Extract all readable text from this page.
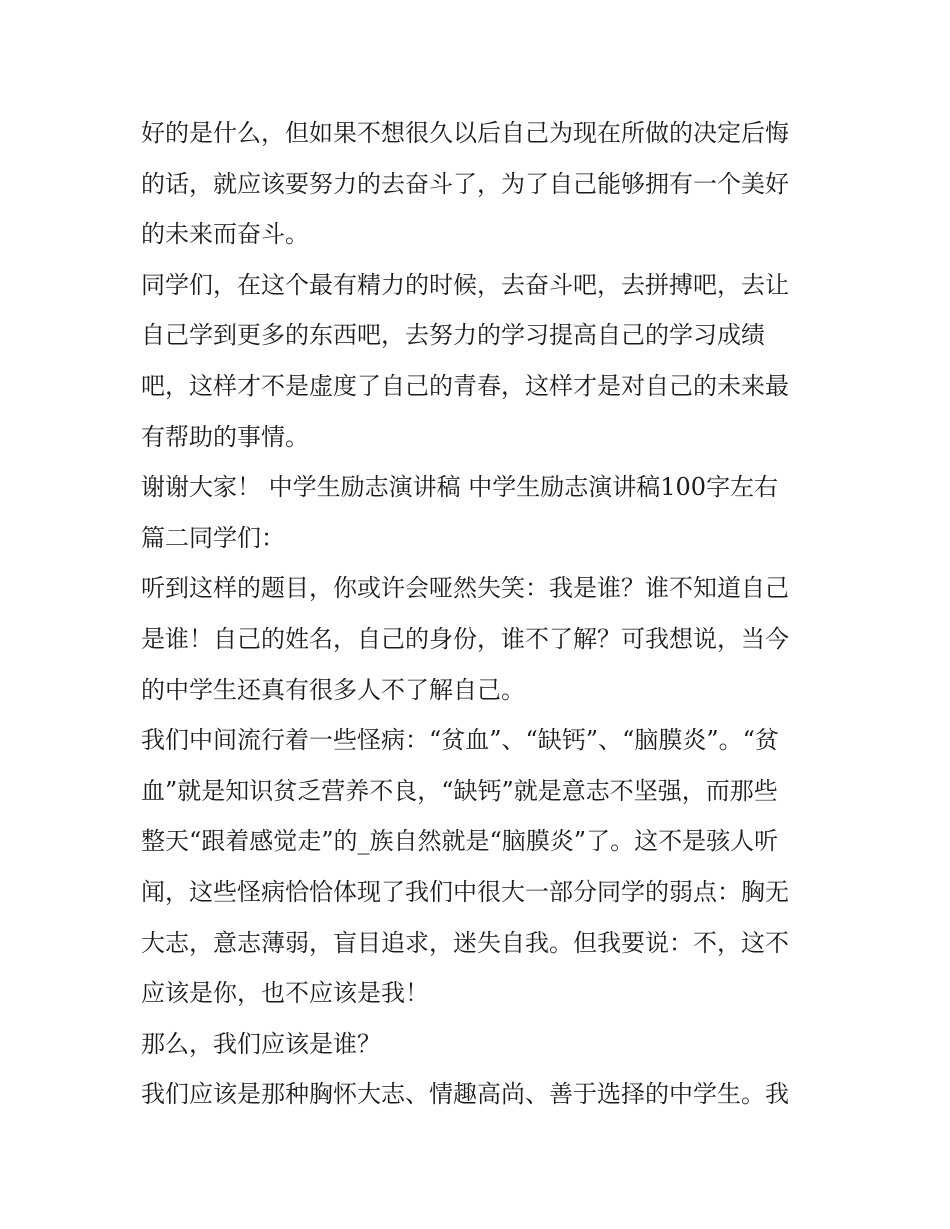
好的是什么，但如果不想很久以后自己为现在所做的决定后悔
的话，就应该要努力的去奋斗了，为了自己能够拥有一个美好
的未来而奋斗。
同学们，在这个最有精力的时候，去奋斗吧，去拼搏吧，去让
自己学到更多的东西吧，去努力的学习提高自己的学习成绩
吧，这样才不是虚度了自己的青春，这样才是对自己的未来最
有帮助的事情。
谢谢大家！ 中学生励志演讲稿 中学生励志演讲稿100字左右
篇二同学们：
听到这样的题目，你或许会哑然失笑：我是谁？谁不知道自己
是谁！自己的姓名，自己的身份，谁不了解？可我想说，当今
的中学生还真有很多人不了解自己。
我们中间流行着一些怪病：“贫血”、“缺钙”、“脑膜炎”。“贫
血”就是知识贫乏营养不良，“缺钙”就是意志不坚强，而那些
整天“跟着感觉走”的_族自然就是“脑膜炎”了。这不是骇人听
闻，这些怪病恰恰体现了我们中很大一部分同学的弱点：胸无
大志，意志薄弱，盲目追求，迷失自我。但我要说：不，这不
应该是你，也不应该是我！
那么，我们应该是谁？
我们应该是那种胸怀大志、情趣高尚、善于选择的中学生。我
